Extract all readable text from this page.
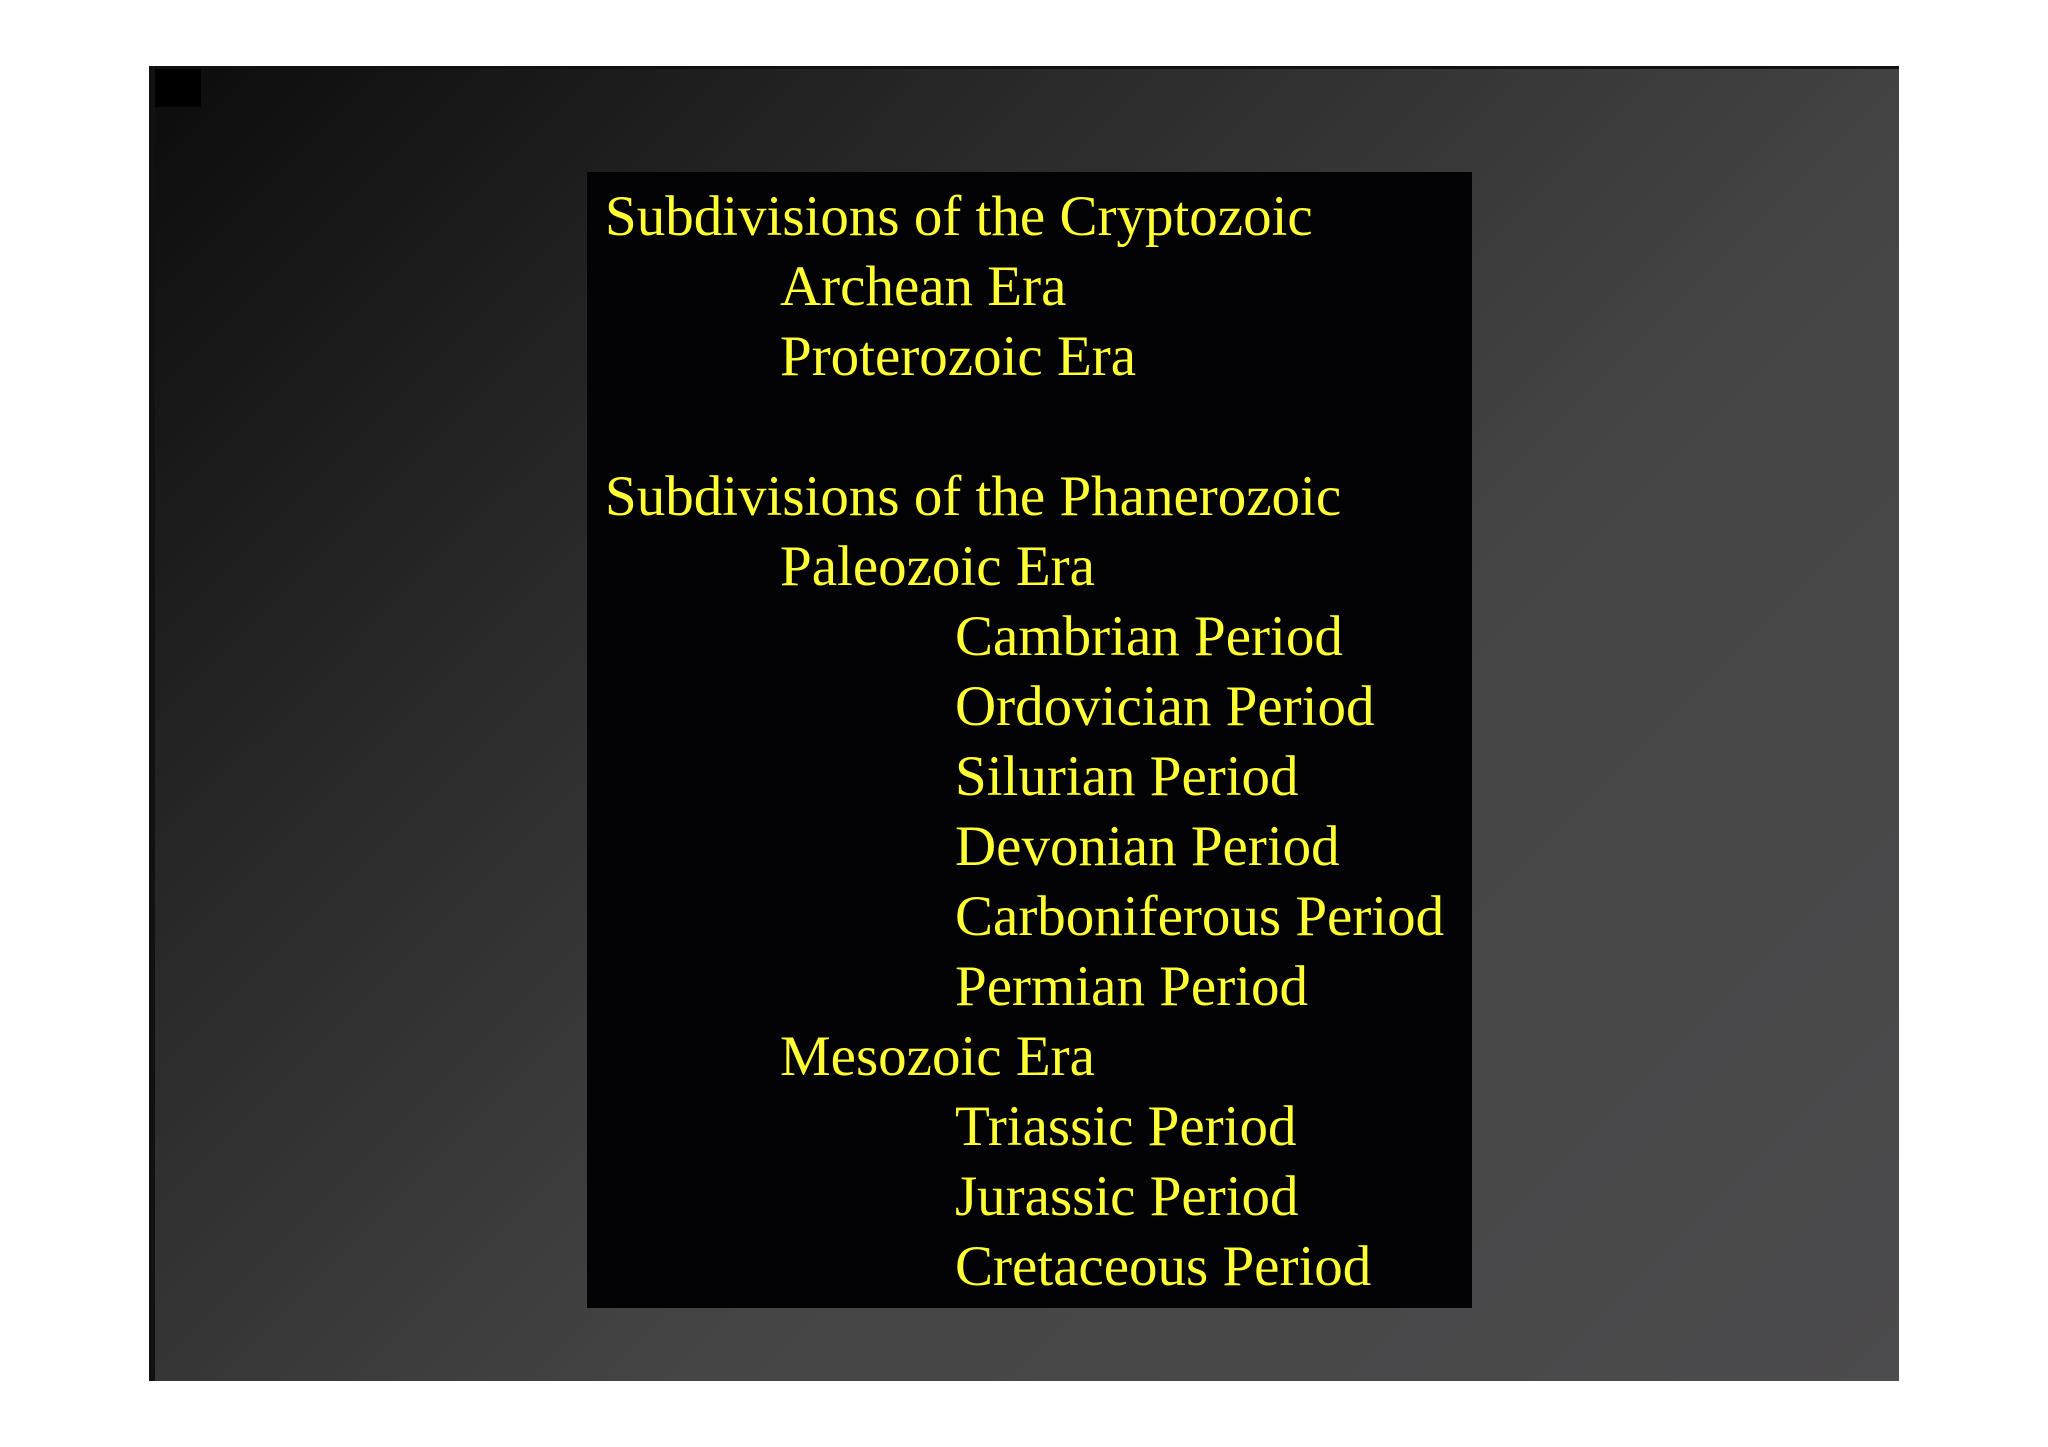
Subdivisions of the Cryptozoic
Archean Era
Proterozoic Era
Subdivisions of the Phanerozoic
Paleozoic Era
Cambrian Period
Ordovician Period
Silurian Period
Devonian Period
Carboniferous Period
Permian Period
Mesozoic Era
Triassic Period
Jurassic Period
Cretaceous Period
